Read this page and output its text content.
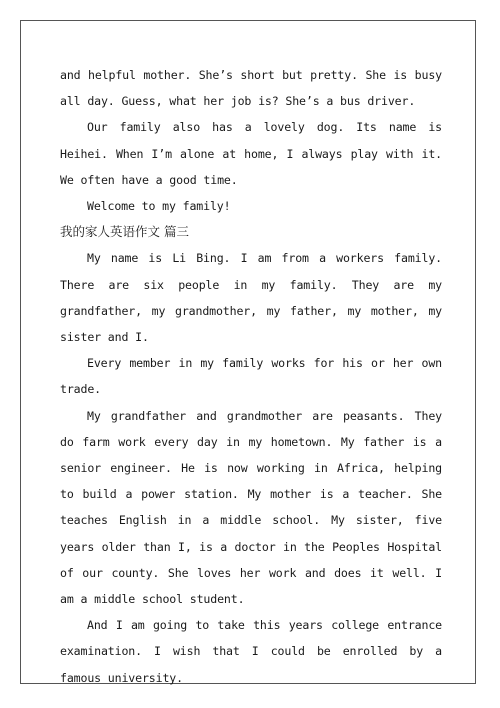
and helpful mother. She’s short but pretty. She is busy all day. Guess, what her job is? She’s a bus driver.

Our family also has a lovely dog. Its name is Heihei. When I’m alone at home, I always play with it. We often have a good time.

Welcome to my family!

我的家人英语作文 篇三

My name is Li Bing. I am from a workers family. There are six people in my family. They are my grandfather, my grandmother, my father, my mother, my sister and I.

Every member in my family works for his or her own trade.

My grandfather and grandmother are peasants. They do farm work every day in my hometown. My father is a senior engineer. He is now working in Africa, helping to build a power station. My mother is a teacher. She teaches English in a middle school. My sister, five years older than I, is a doctor in the Peoples Hospital of our county. She loves her work and does it well. I am a middle school student.

And I am going to take this years college entrance examination. I wish that I could be enrolled by a famous university.
